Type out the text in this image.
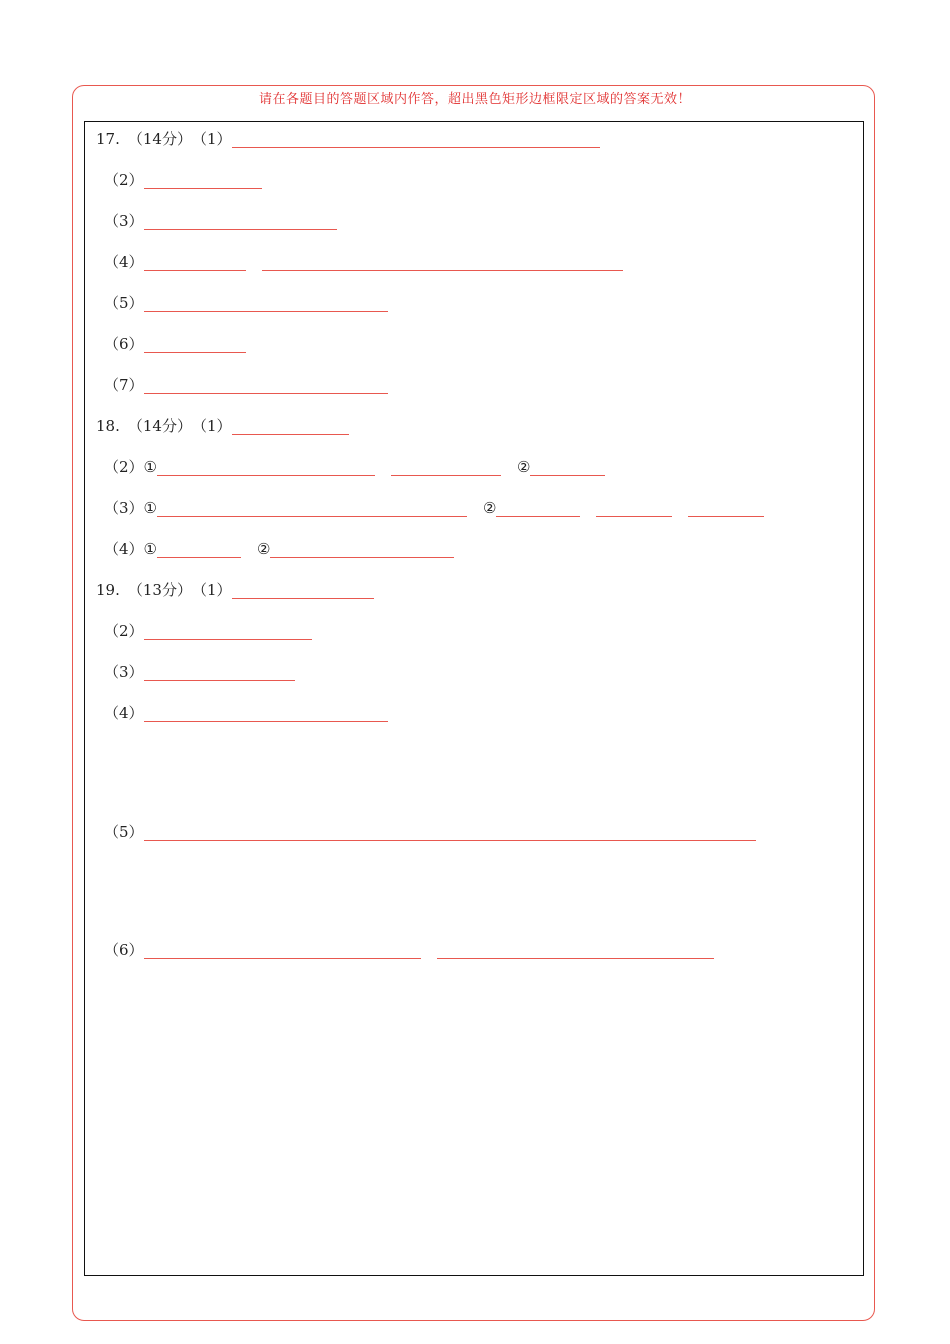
请在各题目的答题区域内作答，超出黑色矩形边框限定区域的答案无效！
17. （14分） （1）
（2）
（3）
（4）
（5）
（6）
（7）
18. （14分） （1）
（2） ①	②
（3） ①	②
（4） ①	②
19. （13分） （1）
（2）
（3）
（4）
（5）
（6）
